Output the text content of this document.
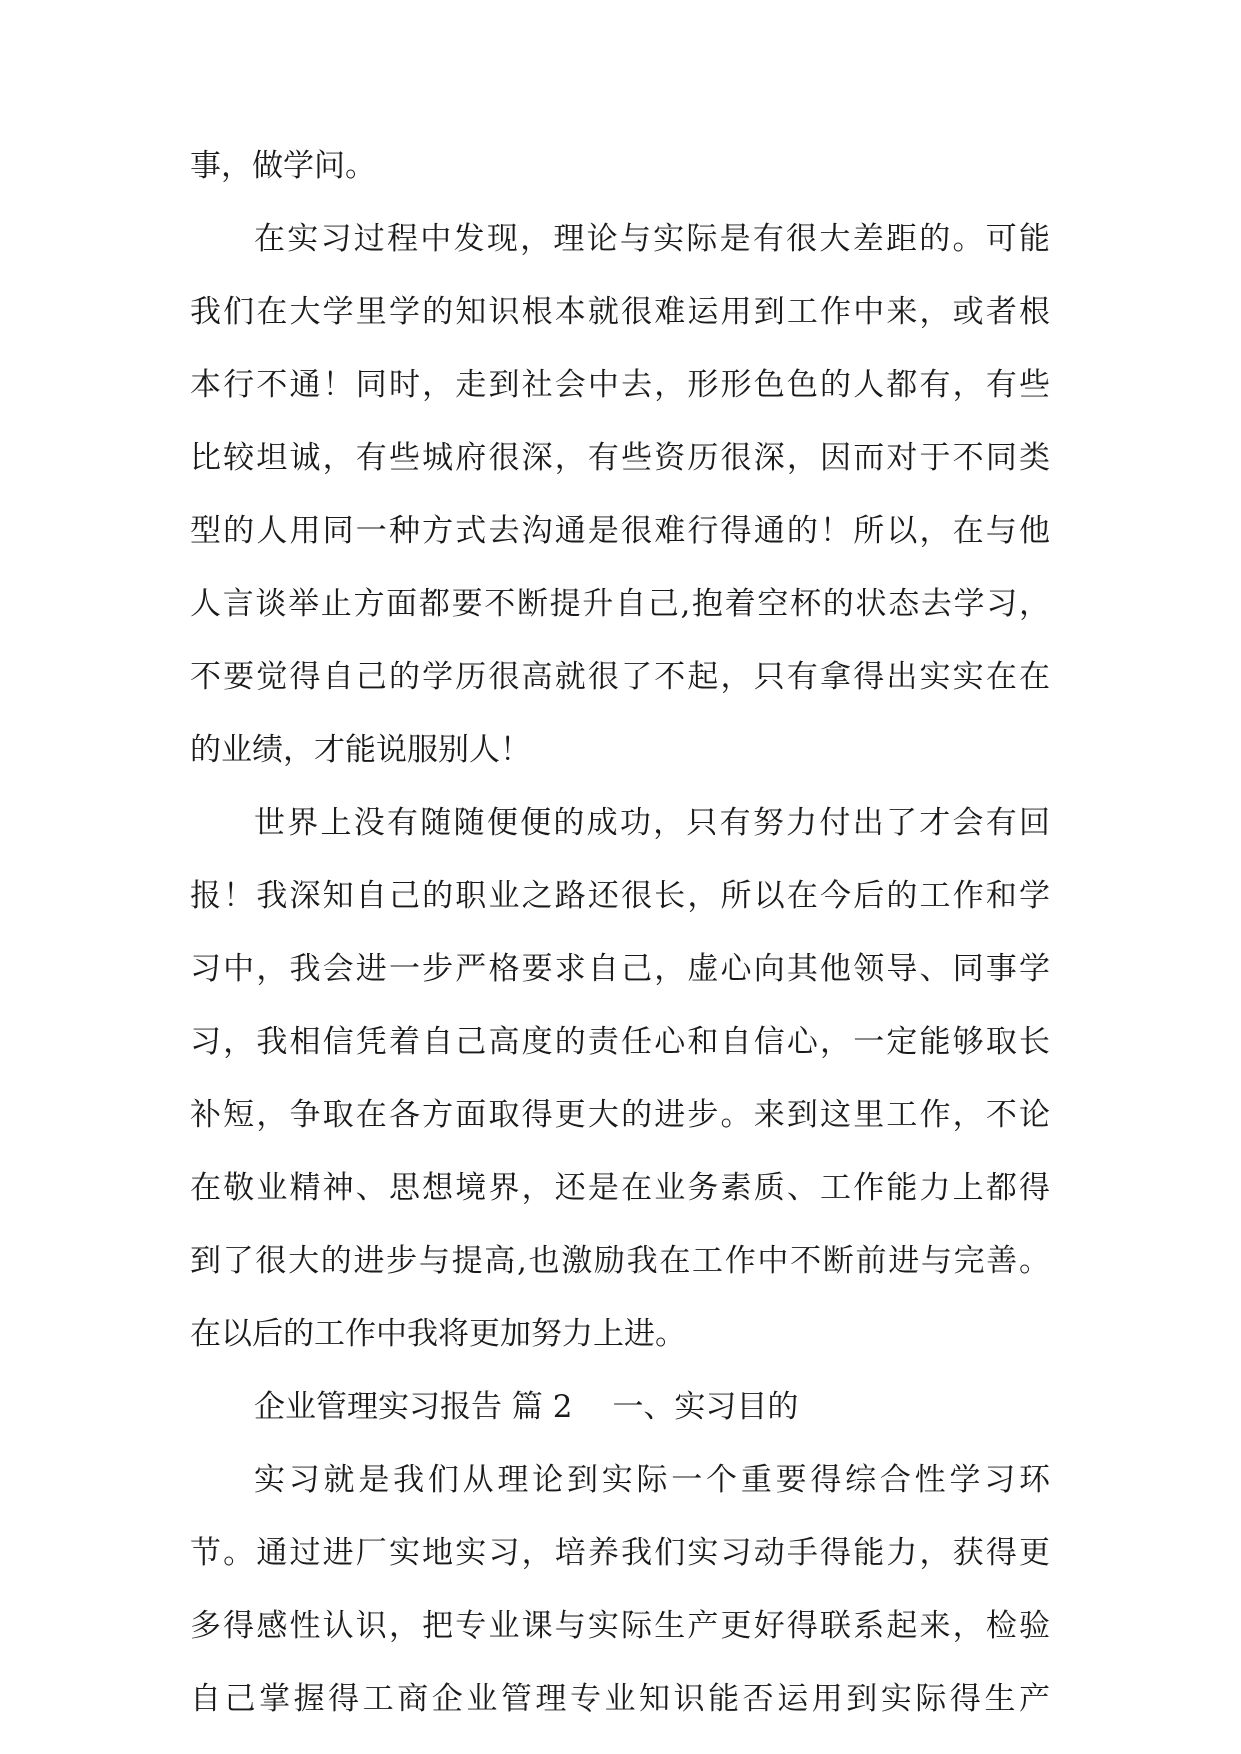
事，做学问。
在实习过程中发现，理论与实际是有很大差距的。可能
我们在大学里学的知识根本就很难运用到工作中来，或者根
本行不通！同时，走到社会中去，形形色色的人都有，有些
比较坦诚，有些城府很深，有些资历很深，因而对于不同类
型的人用同一种方式去沟通是很难行得通的！所以，在与他
人言谈举止方面都要不断提升自己,抱着空杯的状态去学习，
不要觉得自己的学历很高就很了不起，只有拿得出实实在在
的业绩，才能说服别人！
世界上没有随随便便的成功，只有努力付出了才会有回
报！我深知自己的职业之路还很长，所以在今后的工作和学
习中，我会进一步严格要求自己，虚心向其他领导、同事学
习，我相信凭着自己高度的责任心和自信心，一定能够取长
补短，争取在各方面取得更大的进步。来到这里工作，不论
在敬业精神、思想境界，还是在业务素质、工作能力上都得
到了很大的进步与提高,也激励我在工作中不断前进与完善。
在以后的工作中我将更加努力上进。
企业管理实习报告 篇 2 一、实习目的
实习就是我们从理论到实际一个重要得综合性学习环
节。通过进厂实地实习，培养我们实习动手得能力，获得更
多得感性认识，把专业课与实际生产更好得联系起来，检验
自己掌握得工商企业管理专业知识能否运用到实际得生产
